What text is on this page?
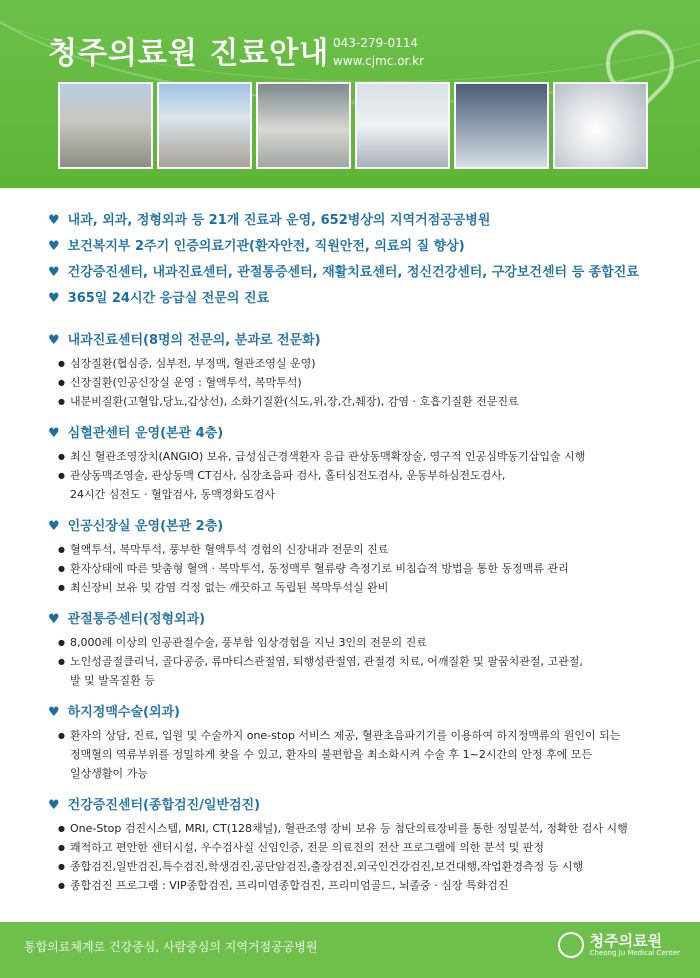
청주의료원 진료안내 043-279-0114
www.cjmc.or.kr
♥ 내과, 외과, 정형외과 등 21개 진료과 운영, 652병상의 지역거점공공병원
♥ 보건복지부 2주기 인증의료기관(환자안전, 직원안전, 의료의 질 향상)
♥ 건강증진센터, 내과진료센터, 관절통증센터, 재활치료센터, 정신건강센터, 구강보건센터 등 종합진료
♥ 365일 24시간 응급실 전문의 진료
♥ 내과진료센터(8명의 전문의, 분과로 전문화)
● 심장질환(협심증, 심부전, 부정맥, 혈관조영실 운영)
● 신장질환(인공신장실 운영 : 혈액투석, 복막투석)
● 내분비질환(고혈압,당뇨,갑상선), 소화기질환(식도,위,장,간,췌장), 감염 · 호흡기질환 전문진료
♥ 심혈관센터 운영(본관 4층)
● 최신 혈관조영장치(ANGIO) 보유, 급성심근경색환자 응급 관상동맥확장술, 영구적 인공심박동기삽입술 시행
● 관상동맥조영술, 관상동맥 CT검사, 심장초음파 검사, 홀터심전도검사, 운동부하심전도검사,
24시간 심전도 · 혈압검사, 동맥경화도검사
♥ 인공신장실 운영(본관 2층)
● 혈액투석, 복막투석, 풍부한 혈액투석 경험의 신장내과 전문의 진료
● 환자상태에 따른 맞춤형 혈액 · 복막투석, 동정맥루 혈류량 측정기로 비침습적 방법을 통한 동정맥류 관리
● 최신장비 보유 및 감염 걱정 없는 깨끗하고 독립된 복막투석실 완비
♥ 관절통증센터(정형외과)
● 8,000례 이상의 인공관절수술, 풍부함 임상경험을 지닌 3인의 전문의 진료
● 노인성골절클리닉, 골다공증, 류마티스관절염, 퇴행성관절염, 관절경 치료, 어깨질환 및 팔꿈치관절, 고관절,
발 및 발목질환 등
♥ 하지정맥수술(외과)
● 환자의 상담, 진료, 입원 및 수술까지 one-stop 서비스 제공, 혈관초음파기기를 이용하여 하지정맥류의 원인이 되는
정맥혈의 역류부위를 정밀하게 찾을 수 있고, 환자의 불편함을 최소화시켜 수술 후 1~2시간의 안정 후에 모든
일상생활이 가능
♥ 건강증진센터(종합검진/일반검진)
● One-Stop 검진시스템, MRI, CT(128채널), 혈관조영 장비 보유 등 첨단의료장비를 통한 정밀분석, 정확한 검사 시행
● 쾌적하고 편안한 센터시설, 우수검사실 신임인증, 전문 의료진의 전산 프로그램에 의한 분석 및 판정
● 종합검진,일반검진,특수검진,학생검진,공단암검진,출장검진,외국인건강검진,보건대행,작업환경측정 등 시행
● 종합검진 프로그램 : VIP종합검진, 프리미엄종합검진, 프리미엄골드, 뇌졸중 · 심장 특화검진
통합의료체계로 건강중심, 사람중심의 지역거점공공병원	청주의료원
Cheong Ju Medical Center
